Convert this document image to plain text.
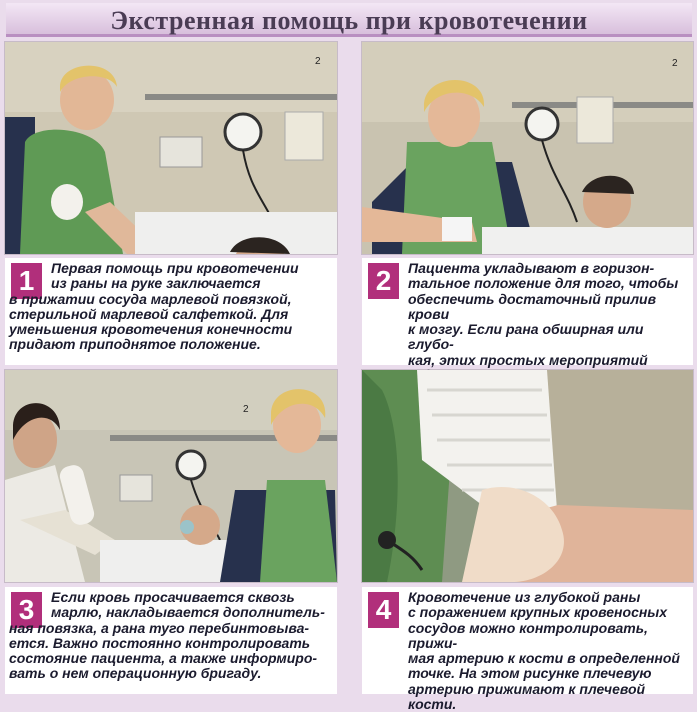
Экстренная помощь при кровотечении
2	2
1	Первая помощь при кровотечении
из раны на руке заключается
в прижатии сосуда марлевой повязкой,
стерильной марлевой салфеткой. Для
уменьшения кровотечения конечности
придают приподнятое положение.
2	Пациента укладывают в горизон-
тальное положение для того, чтобы
обеспечить достаточный прилив крови
к мозгу. Если рана обширная или глубо-
кая, этих простых мероприятий
2
3	Если кровь просачивается сквозь
марлю, накладывается дополнитель-
ная повязка, а рана туго перебинтовыва-
ется. Важно постоянно контролировать
состояние пациента, а также информиро-
вать о нем операционную бригаду.
4	Кровотечение из глубокой раны
с поражением крупных кровеносных
сосудов можно контролировать, прижи-
мая артерию к кости в определенной
точке. На этом рисунке плечевую
артерию прижимают к плечевой кости.
